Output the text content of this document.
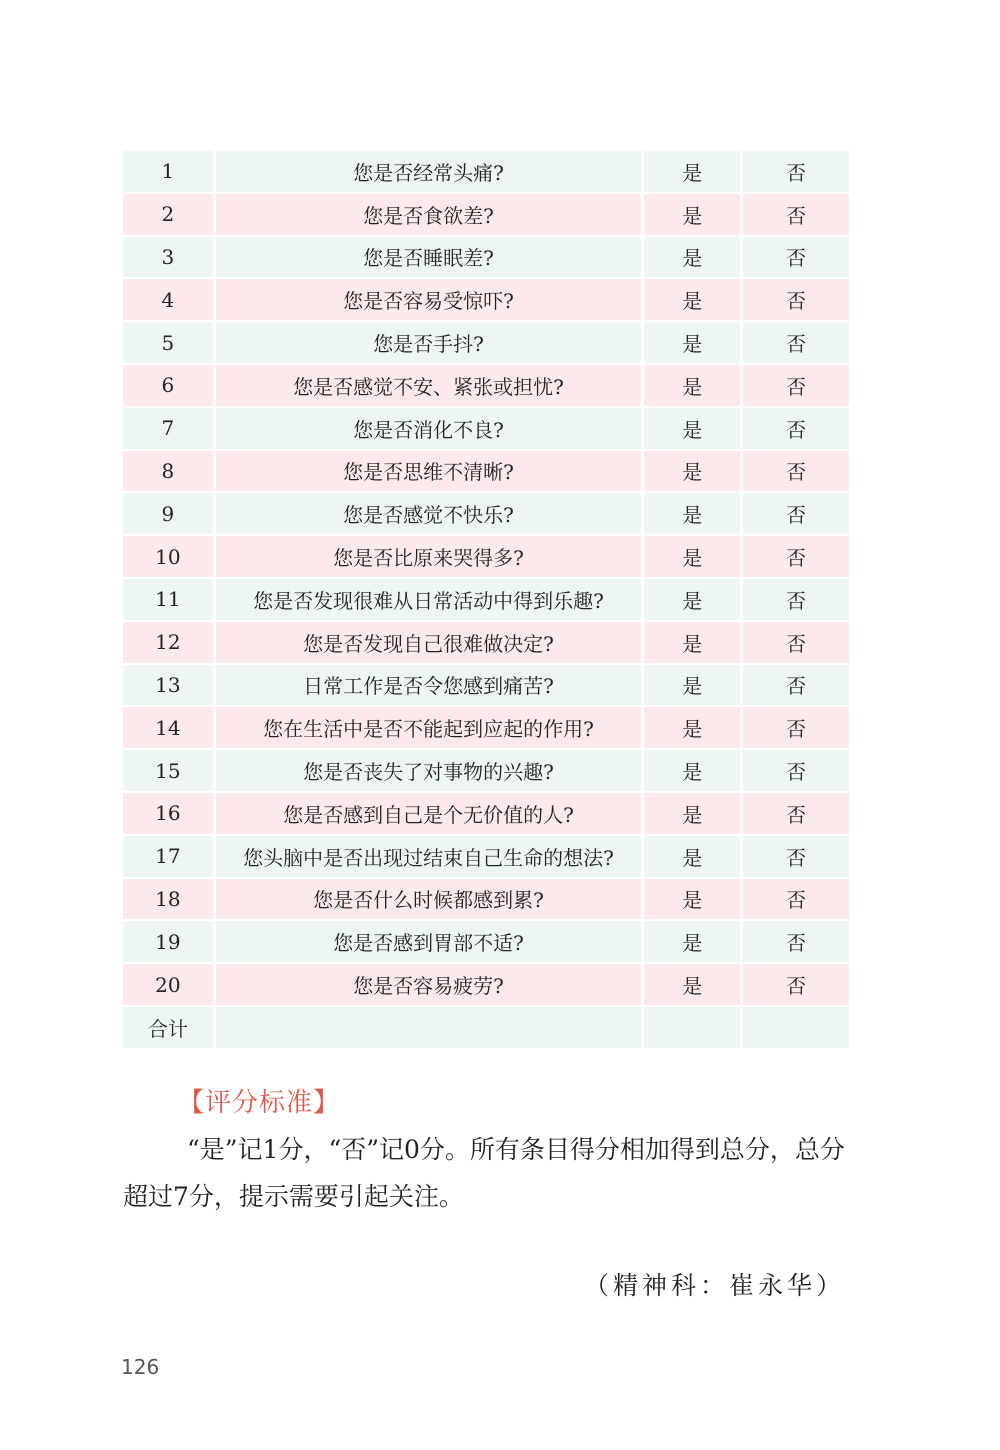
1	您是否经常头痛?	是	否
2	您是否食欲差?	是	否
3	您是否睡眠差?	是	否
4	您是否容易受惊吓?	是	否
5	您是否手抖?	是	否
6	您是否感觉不安、紧张或担忧?	是	否
7	您是否消化不良?	是	否
8	您是否思维不清晰?	是	否
9	您是否感觉不快乐?	是	否
10	您是否比原来哭得多?	是	否
11	您是否发现很难从日常活动中得到乐趣?	是	否
12	您是否发现自己很难做决定?	是	否
13	日常工作是否令您感到痛苦?	是	否
14	您在生活中是否不能起到应起的作用?	是	否
15	您是否丧失了对事物的兴趣?	是	否
16	您是否感到自己是个无价值的人?	是	否
17	您头脑中是否出现过结束自己生命的想法?	是	否
18	您是否什么时候都感到累?	是	否
19	您是否感到胃部不适?	是	否
20	您是否容易疲劳?	是	否
合计			
【评分标准】
“是”记1分，“否”记0分。所有条目得分相加得到总分，总分超过7分，提示需要引起关注。
（精神科：崔永华）
126
